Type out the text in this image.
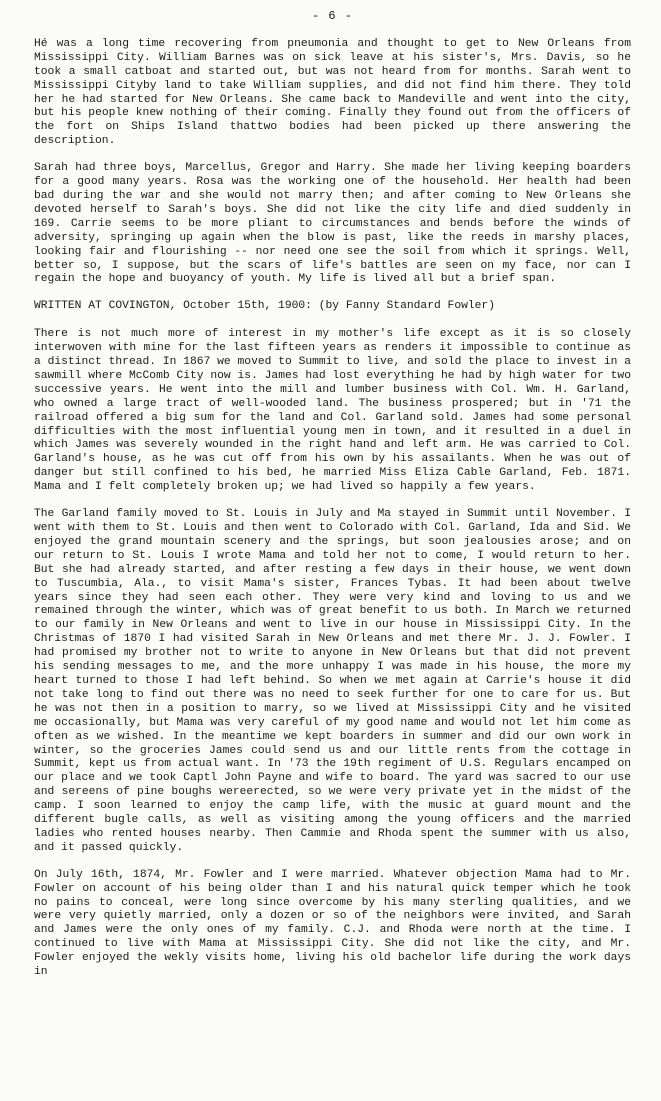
- 6 -

Hé was a long time recovering from pneumonia and thought to get to New Orleans from Mississippi City. William Barnes was on sick leave at his sister's, Mrs. Davis, so he took a small catboat and started out, but was not heard from for months. Sarah went to Mississippi Cityby land to take William supplies, and did not find him there. They told her he had started for New Orleans. She came back to Mandeville and went into the city, but his people knew nothing of their coming. Finally they found out from the officers of the fort on Ships Island thattwo bodies had been picked up there answering the description.

Sarah had three boys, Marcellus, Gregor and Harry. She made her living keeping boarders for a good many years. Rosa was the working one of the household. Her health had been bad during the war and she would not marry then; and after coming to New Orleans she devoted herself to Sarah's boys. She did not like the city life and died suddenly in 169. Carrie seems to be more pliant to circumstances and bends before the winds of adversity, springing up again when the blow is past, like the reeds in marshy places, looking fair and flourishing -- nor need one see the soil from which it springs. Well, better so, I suppose, but the scars of life's battles are seen on my face, nor can I regain the hope and buoyancy of youth. My life is lived all but a brief span.

WRITTEN AT COVINGTON, October 15th, 1900: (by Fanny Standard Fowler)

There is not much more of interest in my mother's life except as it is so closely interwoven with mine for the last fifteen years as renders it impossible to continue as a distinct thread. In 1867 we moved to Summit to live, and sold the place to invest in a sawmill where McComb City now is. James had lost everything he had by high water for two successive years. He went into the mill and lumber business with Col. Wm. H. Garland, who owned a large tract of well-wooded land. The business prospered; but in '71 the railroad offered a big sum for the land and Col. Garland sold. James had some personal difficulties with the most influential young men in town, and it resulted in a duel in which James was severely wounded in the right hand and left arm. He was carried to Col. Garland's house, as he was cut off from his own by his assailants. When he was out of danger but still confined to his bed, he married Miss Eliza Cable Garland, Feb. 1871. Mama and I felt completely broken up; we had lived so happily a few years.

The Garland family moved to St. Louis in July and Ma stayed in Summit until November. I went with them to St. Louis and then went to Colorado with Col. Garland, Ida and Sid. We enjoyed the grand mountain scenery and the springs, but soon jealousies arose; and on our return to St. Louis I wrote Mama and told her not to come, I would return to her. But she had already started, and after resting a few days in their house, we went down to Tuscumbia, Ala., to visit Mama's sister, Frances Tybas. It had been about twelve years since they had seen each other. They were very kind and loving to us and we remained through the winter, which was of great benefit to us both. In March we returned to our family in New Orleans and went to live in our house in Mississippi City. In the Christmas of 1870 I had visited Sarah in New Orleans and met there Mr. J. J. Fowler. I had promised my brother not to write to anyone in New Orleans but that did not prevent his sending messages to me, and the more unhappy I was made in his house, the more my heart turned to those I had left behind. So when we met again at Carrie's house it did not take long to find out there was no need to seek further for one to care for us. But he was not then in a position to marry, so we lived at Mississippi City and he visited me occasionally, but Mama was very careful of my good name and would not let him come as often as we wished. In the meantime we kept boarders in summer and did our own work in winter, so the groceries James could send us and our little rents from the cottage in Summit, kept us from actual want. In '73 the 19th regiment of U.S. Regulars encamped on our place and we took Captl John Payne and wife to board. The yard was sacred to our use and sereens of pine boughs wereerected, so we were very private yet in the midst of the camp. I soon learned to enjoy the camp life, with the music at guard mount and the different bugle calls, as well as visiting among the young officers and the married ladies who rented houses nearby. Then Cammie and Rhoda spent the summer with us also, and it passed quickly.

On July 16th, 1874, Mr. Fowler and I were married. Whatever objection Mama had to Mr. Fowler on account of his being older than I and his natural quick temper which he took no pains to conceal, were long since overcome by his many sterling qualities, and we were very quietly married, only a dozen or so of the neighbors were invited, and Sarah and James were the only ones of my family. C.J. and Rhoda were north at the time. I continued to live with Mama at Mississippi City. She did not like the city, and Mr. Fowler enjoyed the wekly visits home, living his old bachelor life during the work days in
